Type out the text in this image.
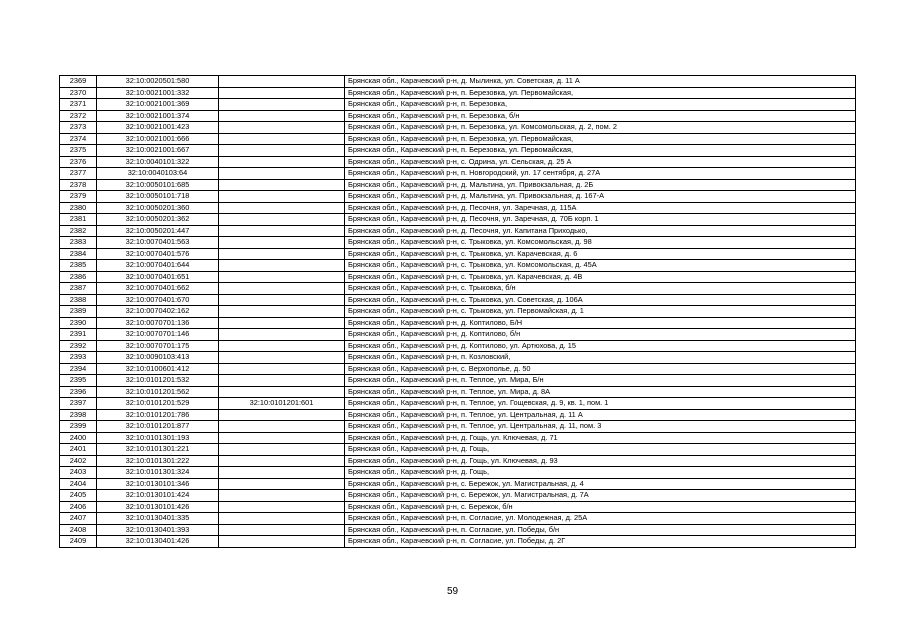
2369	32:10:0020501:580		Брянская обл., Карачевский р-н, д. Мылинка, ул. Советская, д. 11 А
2370	32:10:0021001:332		Брянская обл., Карачевский р-н, п. Березовка, ул. Первомайская,
2371	32:10:0021001:369		Брянская обл., Карачевский р-н, п. Березовка,
2372	32:10:0021001:374		Брянская обл., Карачевский р-н, п. Березовка, б/н
2373	32:10:0021001:423		Брянская обл., Карачевский р-н, п. Березовка, ул. Комсомольская, д. 2, пом. 2
2374	32:10:0021001:666		Брянская обл., Карачевский р-н, п. Березовка, ул. Первомайская,
2375	32:10:0021001:667		Брянская обл., Карачевский р-н, п. Березовка, ул. Первомайская,
2376	32:10:0040101:322		Брянская обл., Карачевский р-н, с. Одрина, ул. Сельская, д. 25 А
2377	32:10:0040103:64		Брянская обл., Карачевский р-н, п. Новгородский, ул. 17 сентября, д. 27А
2378	32:10:0050101:685		Брянская обл., Карачевский р-н, д. Мальтина, ул. Привокзальная, д. 2Б
2379	32:10:0050101:718		Брянская обл., Карачевский р-н, д. Мальтина, ул. Привокзальная, д. 167-А
2380	32:10:0050201:360		Брянская обл., Карачевский р-н, д. Песочня, ул. Заречная, д. 115А
2381	32:10:0050201:362		Брянская обл., Карачевский р-н, д. Песочня, ул. Заречная, д. 70Б корп. 1
2382	32:10:0050201:447		Брянская обл., Карачевский р-н, д. Песочня, ул. Капитана Приходько,
2383	32:10:0070401:563		Брянская обл., Карачевский р-н, с. Трыковка, ул. Комсомольская, д. 98
2384	32:10:0070401:576		Брянская обл., Карачевский р-н, с. Трыковка, ул. Карачевская, д. 6
2385	32:10:0070401:644		Брянская обл., Карачевский р-н, с. Трыковка, ул. Комсомольская, д. 45А
2386	32:10:0070401:651		Брянская обл., Карачевский р-н, с. Трыковка, ул. Карачевская, д. 4В
2387	32:10:0070401:662		Брянская обл., Карачевский р-н, с. Трыковка, б/н
2388	32:10:0070401:670		Брянская обл., Карачевский р-н, с. Трыковка, ул. Советская, д. 106А
2389	32:10:0070402:162		Брянская обл., Карачевский р-н, с. Трыковка, ул. Первомайская, д. 1
2390	32:10:0070701:136		Брянская обл., Карачевский р-н, д. Коптилово, Б/Н
2391	32:10:0070701:146		Брянская обл., Карачевский р-н, д. Коптилово, б/н
2392	32:10:0070701:175		Брянская обл., Карачевский р-н, д. Коптилово, ул. Артюхова, д. 15
2393	32:10:0090103:413		Брянская обл., Карачевский р-н, п. Козловский,
2394	32:10:0100601:412		Брянская обл., Карачевский р-н, с. Верхополье, д. 50
2395	32:10:0101201:532		Брянская обл., Карачевский р-н, п. Теплое, ул. Мира, Б/н
2396	32:10:0101201:562		Брянская обл., Карачевский р-н, п. Теплое, ул. Мира, д. 8А
2397	32:10:0101201:529	32:10:0101201:601	Брянская обл., Карачевский р-н, п. Теплое, ул. Гощевская, д. 9, кв. 1, пом. 1
2398	32:10:0101201:786		Брянская обл., Карачевский р-н, п. Теплое, ул. Центральная, д. 11 А
2399	32:10:0101201:877		Брянская обл., Карачевский р-н, п. Теплое, ул. Центральная, д. 11, пом. 3
2400	32:10:0101301:193		Брянская обл., Карачевский р-н, д. Гощь, ул. Ключевая, д. 71
2401	32:10:0101301:221		Брянская обл., Карачевский р-н, д. Гощь,
2402	32:10:0101301:222		Брянская обл., Карачевский р-н, д. Гощь, ул. Ключевая, д. 93
2403	32:10:0101301:324		Брянская обл., Карачевский р-н, д. Гощь,
2404	32:10:0130101:346		Брянская обл., Карачевский р-н, с. Бережок, ул. Магистральная, д. 4
2405	32:10:0130101:424		Брянская обл., Карачевский р-н, с. Бережок, ул. Магистральная, д. 7А
2406	32:10:0130101:426		Брянская обл., Карачевский р-н, с. Бережок, б/н
2407	32:10:0130401:335		Брянская обл., Карачевский р-н, п. Согласие, ул. Молодежная, д. 25А
2408	32:10:0130401:393		Брянская обл., Карачевский р-н, п. Согласие, ул. Победы, б/н
2409	32:10:0130401:426		Брянская обл., Карачевский р-н, п. Согласие, ул. Победы, д. 2Г
59
